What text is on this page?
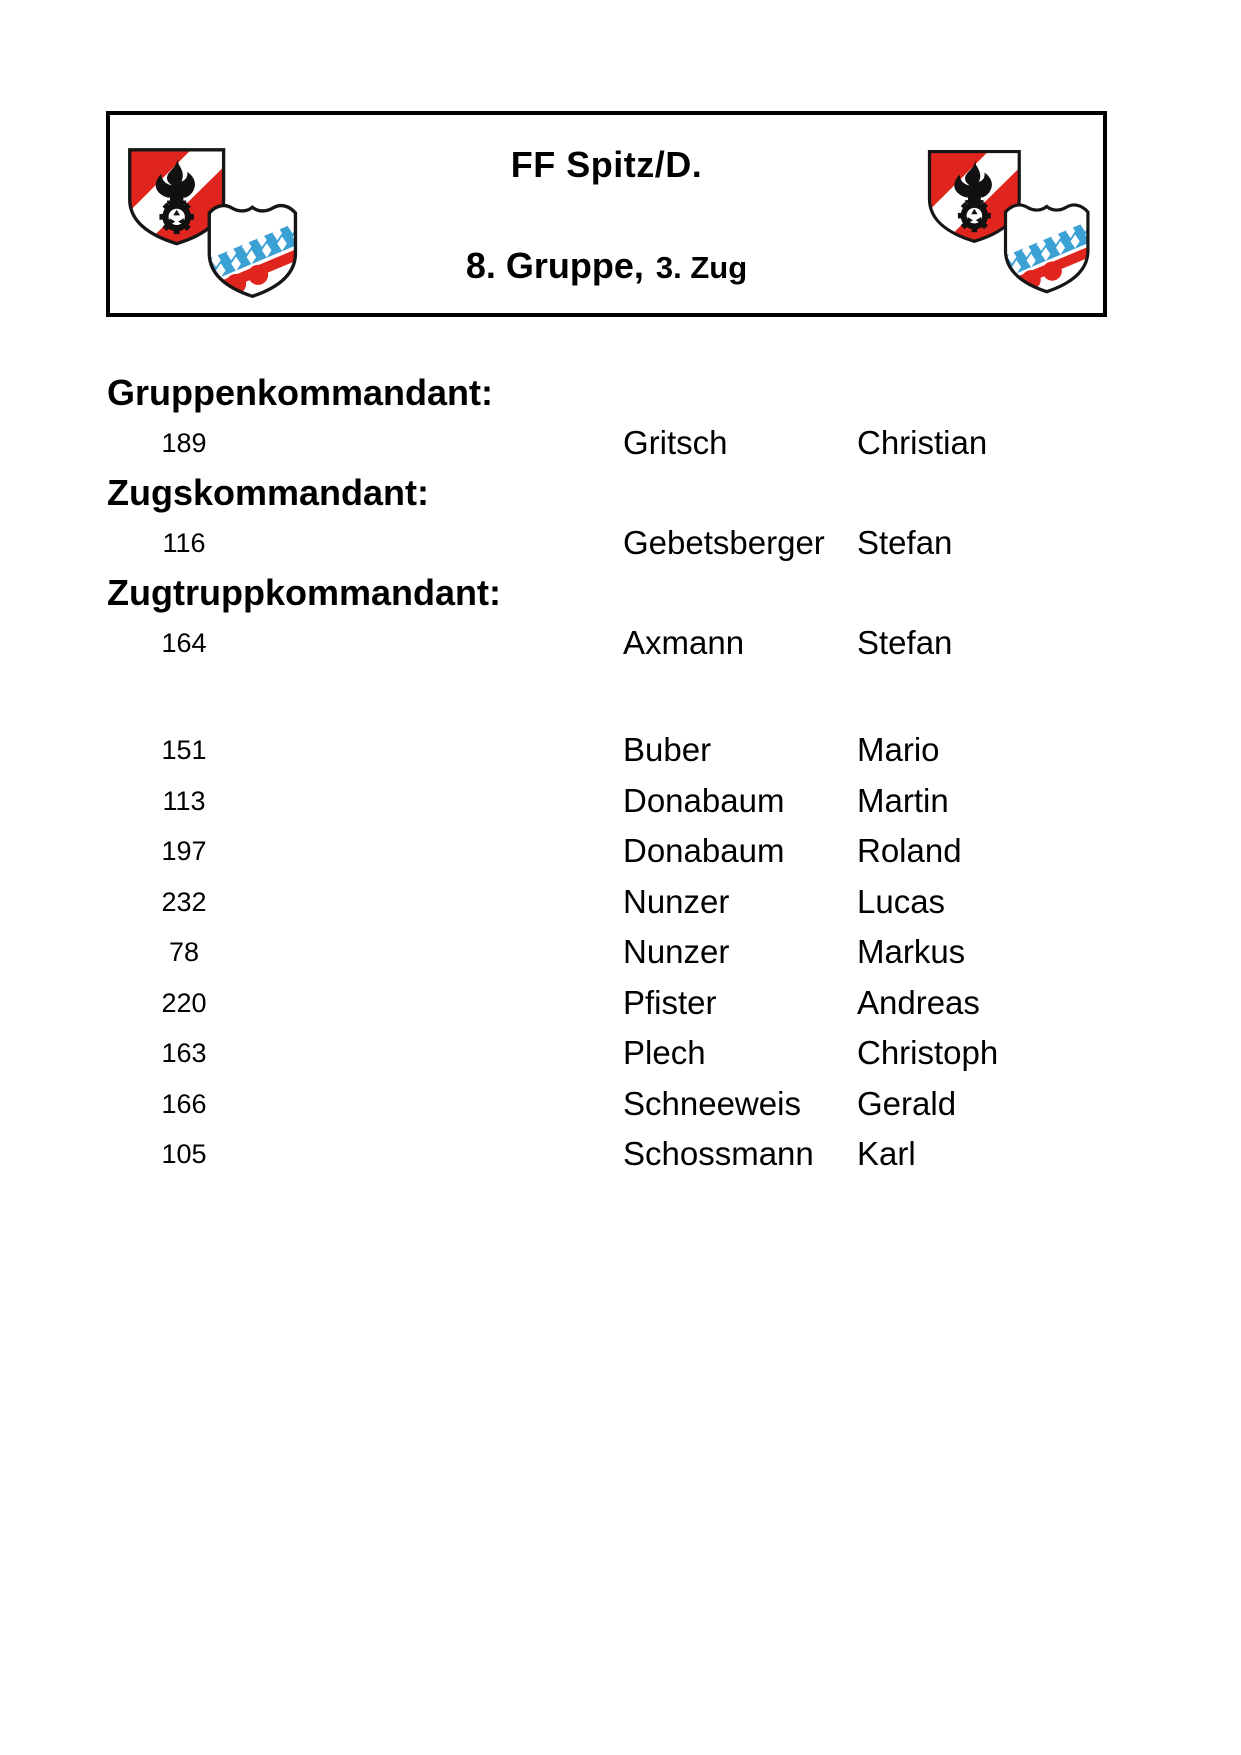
FF Spitz/D.
8. Gruppe, 3. Zug
Gruppenkommandant:
189	Gritsch	Christian
Zugskommandant:
116	Gebetsberger Stefan
Zugtruppkommandant:
164	Axmann	Stefan
151	Buber	Mario
113	Donabaum Martin
197	Donabaum Roland
232	Nunzer	Lucas
78	Nunzer	Markus
220	Pfister	Andreas
163	Plech	Christoph
166	Schneeweis Gerald
105	Schossmann Karl
